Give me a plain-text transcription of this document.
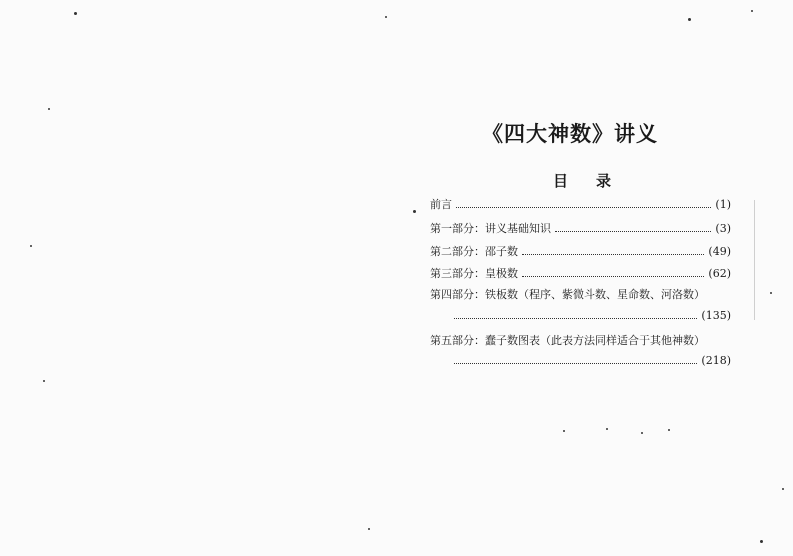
《四大神数》讲义
目录
前言	(1)
第一部分：讲义基础知识	(3)
第二部分：邵子数	(49)
第三部分：皇极数	(62)
第四部分：铁板数（程序、紫微斗数、星命数、河洛数）
(135)
第五部分：蠢子数图表（此表方法同样适合于其他神数）
(218)
